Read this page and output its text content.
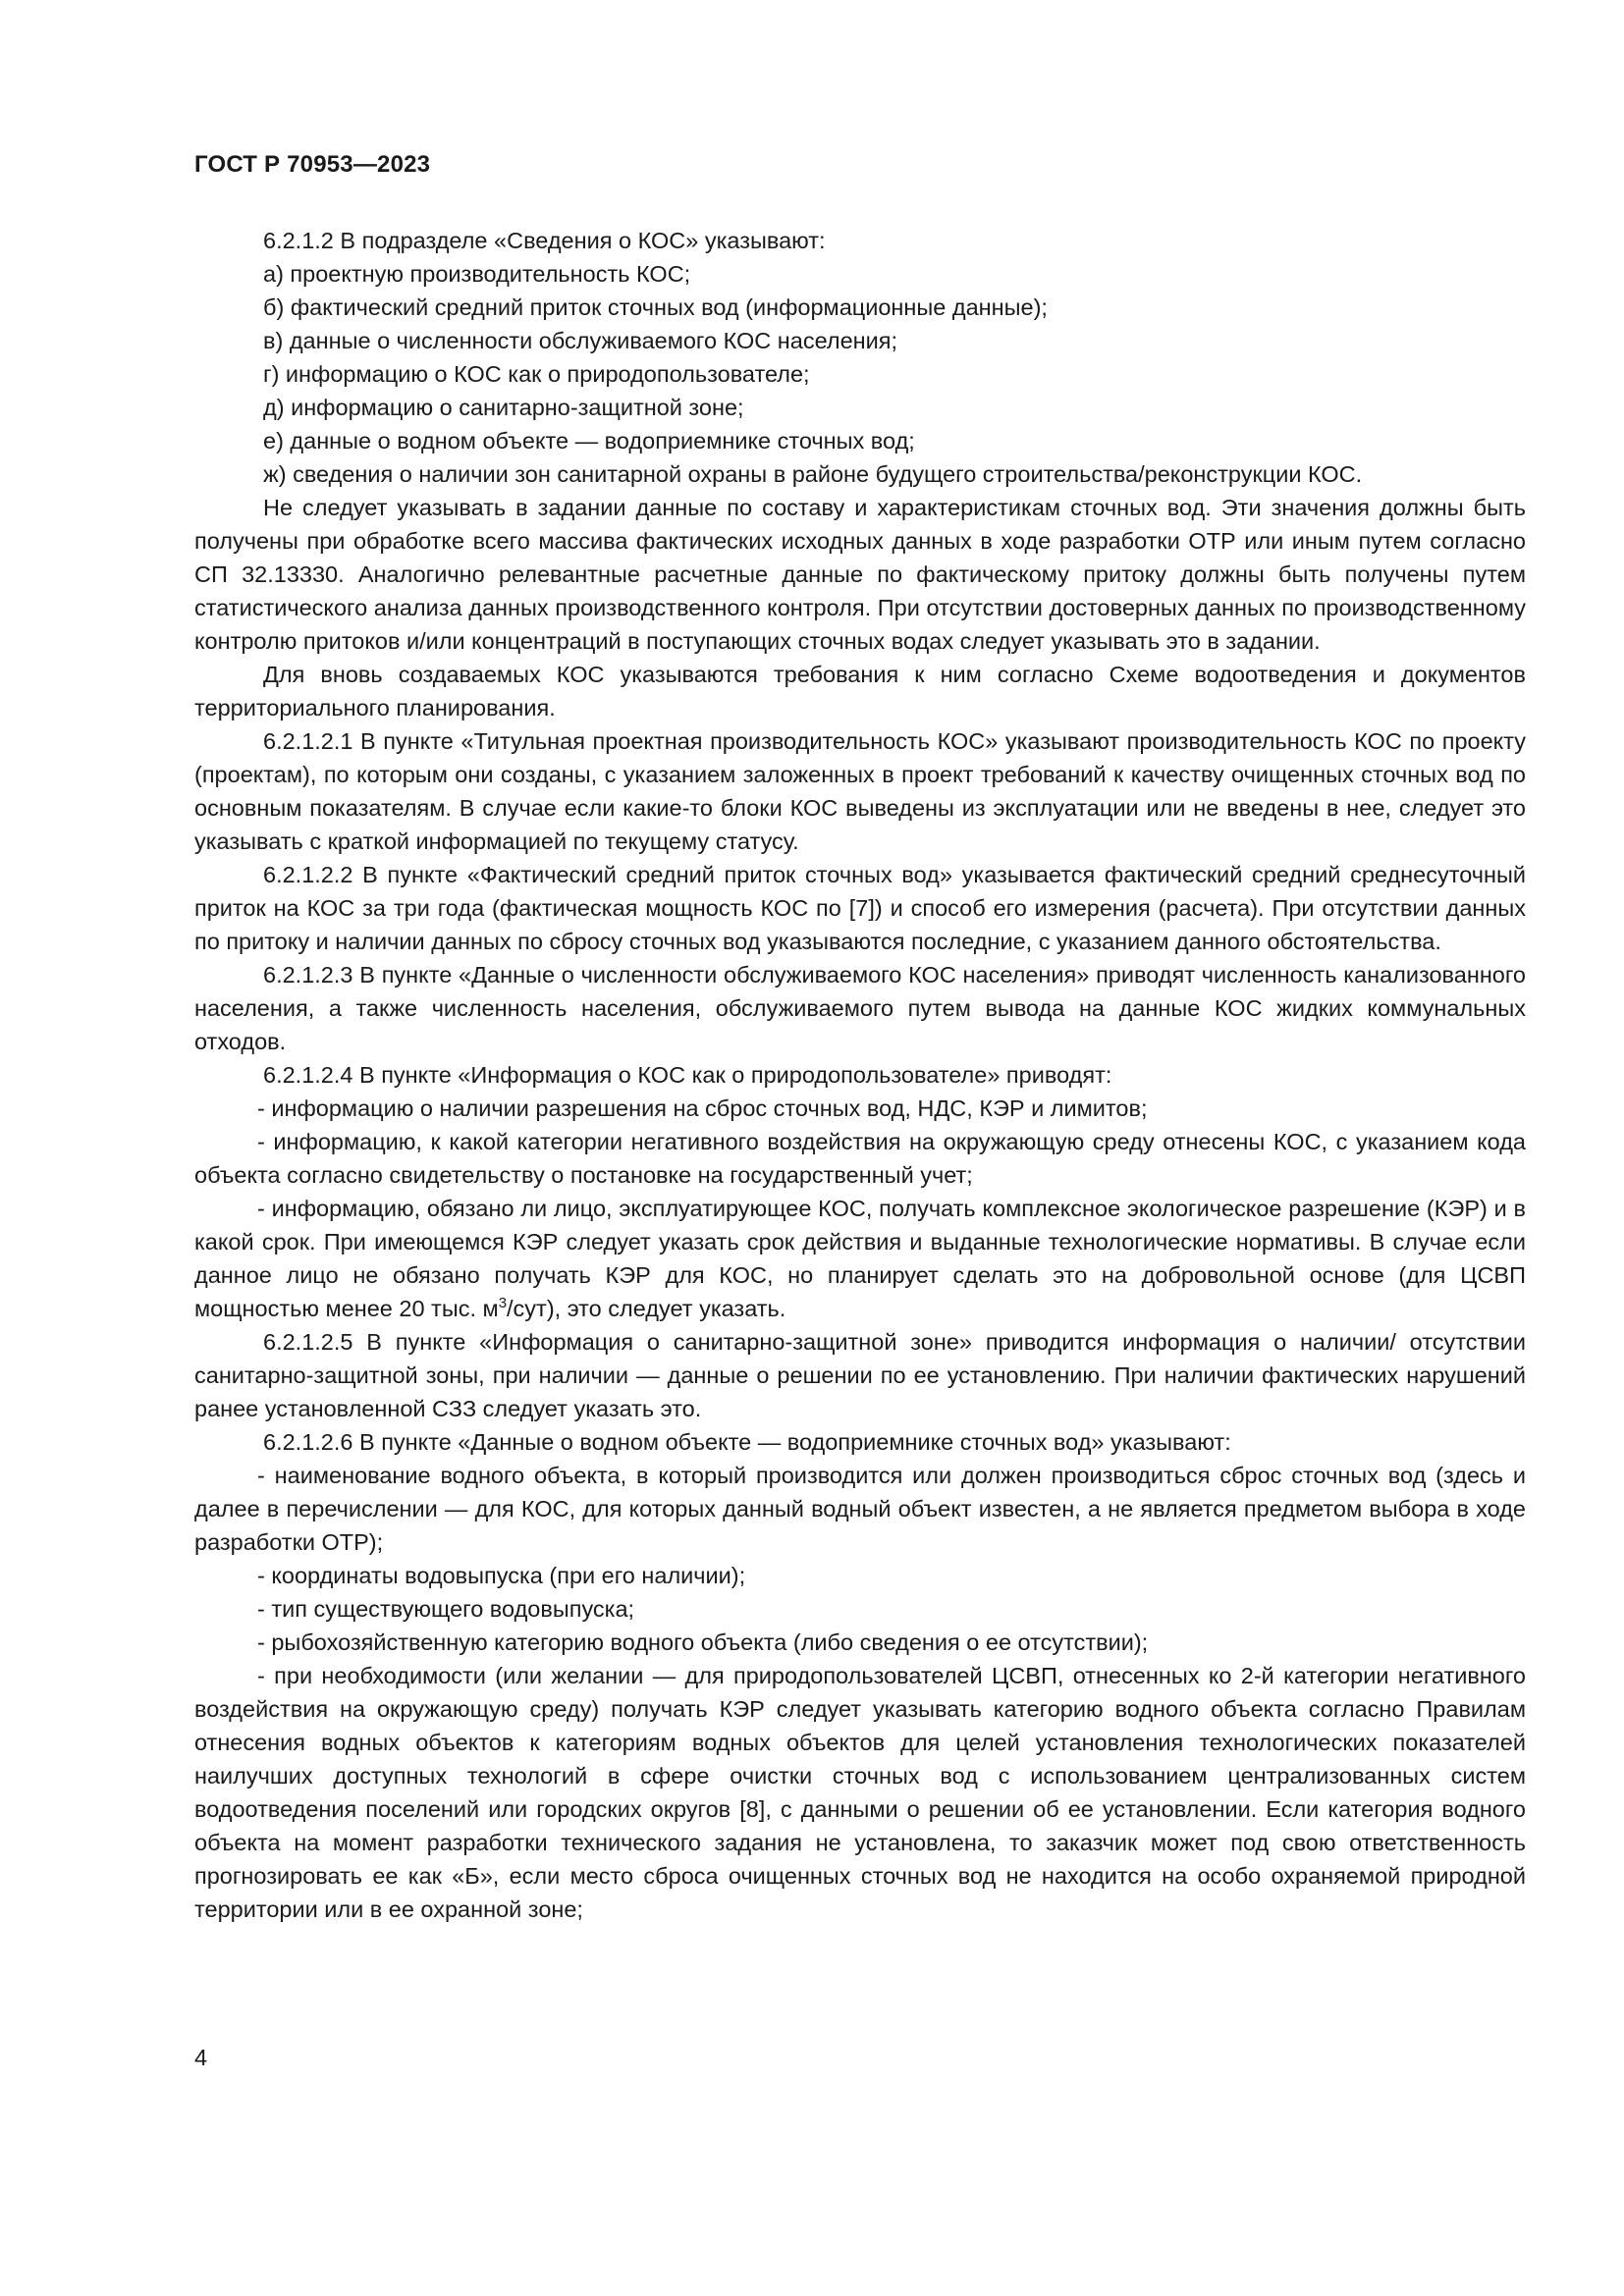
ГОСТ Р 70953—2023

6.2.1.2 В подразделе «Сведения о КОС» указывают:

а) проектную производительность КОС;

б) фактический средний приток сточных вод (информационные данные);

в) данные о численности обслуживаемого КОС населения;

г) информацию о КОС как о природопользователе;

д) информацию о санитарно-защитной зоне;

е) данные о водном объекте — водоприемнике сточных вод;

ж) сведения о наличии зон санитарной охраны в районе будущего строительства/реконструкции КОС.

Не следует указывать в задании данные по составу и характеристикам сточных вод. Эти значения должны быть получены при обработке всего массива фактических исходных данных в ходе разработки ОТР или иным путем согласно СП 32.13330. Аналогично релевантные расчетные данные по фактическому притоку должны быть получены путем статистического анализа данных производственного контроля. При отсутствии достоверных данных по производственному контролю притоков и/или концентраций в поступающих сточных водах следует указывать это в задании.

Для вновь создаваемых КОС указываются требования к ним согласно Схеме водоотведения и документов территориального планирования.

6.2.1.2.1 В пункте «Титульная проектная производительность КОС» указывают производительность КОС по проекту (проектам), по которым они созданы, с указанием заложенных в проект требований к качеству очищенных сточных вод по основным показателям. В случае если какие-то блоки КОС выведены из эксплуатации или не введены в нее, следует это указывать с краткой информацией по текущему статусу.

6.2.1.2.2 В пункте «Фактический средний приток сточных вод» указывается фактический средний среднесуточный приток на КОС за три года (фактическая мощность КОС по [7]) и способ его измерения (расчета). При отсутствии данных по притоку и наличии данных по сбросу сточных вод указываются последние, с указанием данного обстоятельства.

6.2.1.2.3 В пункте «Данные о численности обслуживаемого КОС населения» приводят численность канализованного населения, а также численность населения, обслуживаемого путем вывода на данные КОС жидких коммунальных отходов.

6.2.1.2.4 В пункте «Информация о КОС как о природопользователе» приводят:

- информацию о наличии разрешения на сброс сточных вод, НДС, КЭР и лимитов;

- информацию, к какой категории негативного воздействия на окружающую среду отнесены КОС, с указанием кода объекта согласно свидетельству о постановке на государственный учет;

- информацию, обязано ли лицо, эксплуатирующее КОС, получать комплексное экологическое разрешение (КЭР) и в какой срок. При имеющемся КЭР следует указать срок действия и выданные технологические нормативы. В случае если данное лицо не обязано получать КЭР для КОС, но планирует сделать это на добровольной основе (для ЦСВП мощностью менее 20 тыс. $м^3/сут$), это следует указать.

6.2.1.2.5 В пункте «Информация о санитарно-защитной зоне» приводится информация о наличии/ отсутствии санитарно-защитной зоны, при наличии — данные о решении по ее установлению. При наличии фактических нарушений ранее установленной СЗЗ следует указать это.

6.2.1.2.6 В пункте «Данные о водном объекте — водоприемнике сточных вод» указывают:

- наименование водного объекта, в который производится или должен производиться сброс сточных вод (здесь и далее в перечислении — для КОС, для которых данный водный объект известен, а не является предметом выбора в ходе разработки ОТР);

- координаты водовыпуска (при его наличии);

- тип существующего водовыпуска;

- рыбохозяйственную категорию водного объекта (либо сведения о ее отсутствии);

- при необходимости (или желании — для природопользователей ЦСВП, отнесенных ко 2-й категории негативного воздействия на окружающую среду) получать КЭР следует указывать категорию водного объекта согласно Правилам отнесения водных объектов к категориям водных объектов для целей установления технологических показателей наилучших доступных технологий в сфере очистки сточных вод с использованием централизованных систем водоотведения поселений или городских округов [8], с данными о решении об ее установлении. Если категория водного объекта на момент разработки технического задания не установлена, то заказчик может под свою ответственность прогнозировать ее как «Б», если место сброса очищенных сточных вод не находится на особо охраняемой природной территории или в ее охранной зоне;

4
